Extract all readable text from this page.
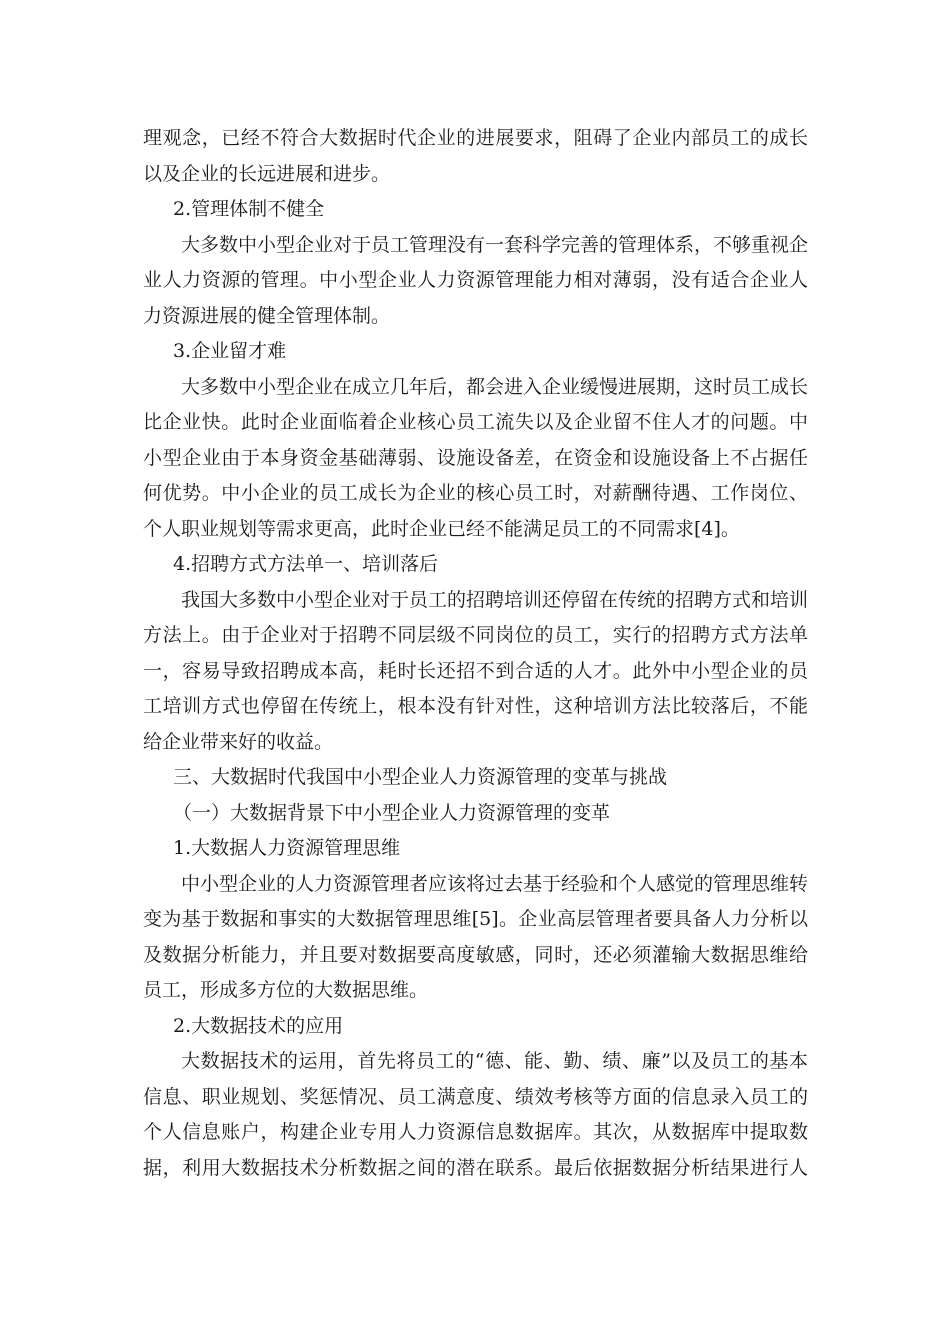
理观念，已经不符合大数据时代企业的进展要求，阻碍了企业内部员工的成长
以及企业的长远进展和进步。
2.管理体制不健全
大多数中小型企业对于员工管理没有一套科学完善的管理体系，不够重视企
业人力资源的管理。中小型企业人力资源管理能力相对薄弱，没有适合企业人
力资源进展的健全管理体制。
3.企业留才难
大多数中小型企业在成立几年后，都会进入企业缓慢进展期，这时员工成长
比企业快。此时企业面临着企业核心员工流失以及企业留不住人才的问题。中
小型企业由于本身资金基础薄弱、设施设备差，在资金和设施设备上不占据任
何优势。中小企业的员工成长为企业的核心员工时，对薪酬待遇、工作岗位、
个人职业规划等需求更高，此时企业已经不能满足员工的不同需求[4]。
4.招聘方式方法单一、培训落后
我国大多数中小型企业对于员工的招聘培训还停留在传统的招聘方式和培训
方法上。由于企业对于招聘不同层级不同岗位的员工，实行的招聘方式方法单
一，容易导致招聘成本高，耗时长还招不到合适的人才。此外中小型企业的员
工培训方式也停留在传统上，根本没有针对性，这种培训方法比较落后，不能
给企业带来好的收益。
三、大数据时代我国中小型企业人力资源管理的变革与挑战
（一）大数据背景下中小型企业人力资源管理的变革
1.大数据人力资源管理思维
中小型企业的人力资源管理者应该将过去基于经验和个人感觉的管理思维转
变为基于数据和事实的大数据管理思维[5]。企业高层管理者要具备人力分析以
及数据分析能力，并且要对数据要高度敏感，同时，还必须灌输大数据思维给
员工，形成多方位的大数据思维。
2.大数据技术的应用
大数据技术的运用，首先将员工的“德、能、勤、绩、廉”以及员工的基本
信息、职业规划、奖惩情况、员工满意度、绩效考核等方面的信息录入员工的
个人信息账户，构建企业专用人力资源信息数据库。其次，从数据库中提取数
据，利用大数据技术分析数据之间的潜在联系。最后依据数据分析结果进行人
